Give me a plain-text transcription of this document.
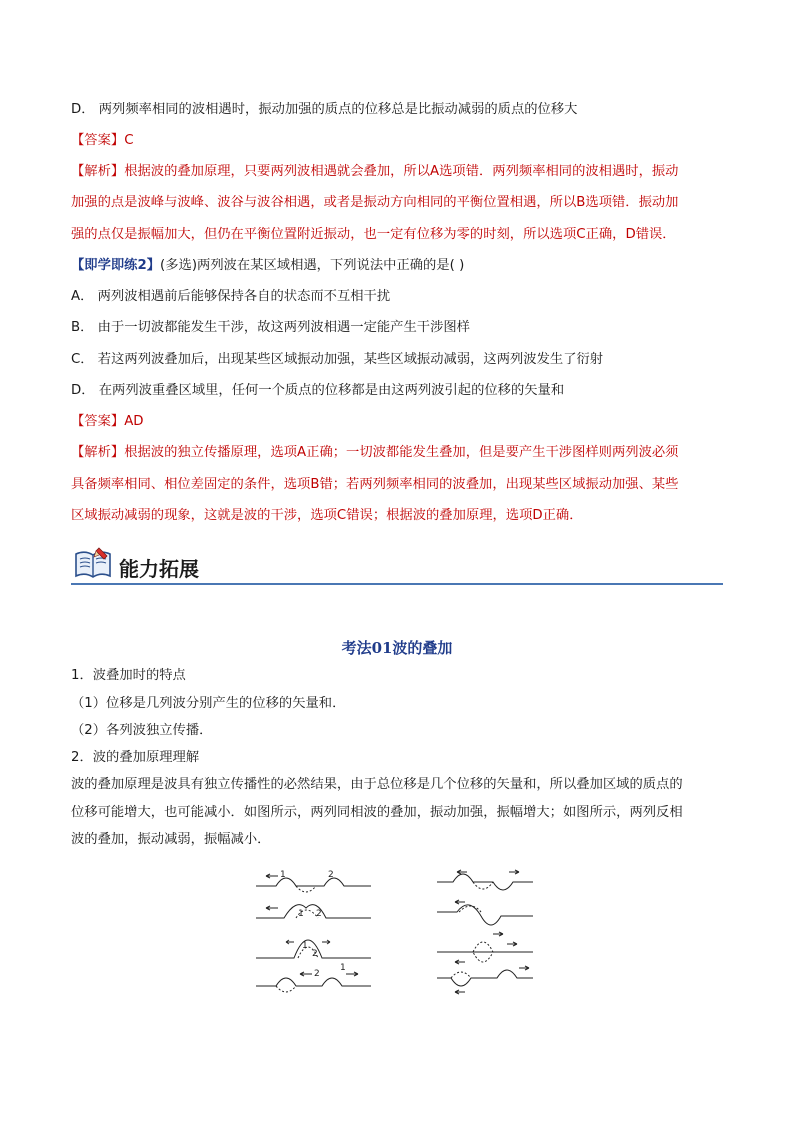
D． 两列频率相同的波相遇时，振动加强的质点的位移总是比振动减弱的质点的位移大
【答案】C
【解析】根据波的叠加原理，只要两列波相遇就会叠加，所以A选项错．两列频率相同的波相遇时，振动
加强的点是波峰与波峰、波谷与波谷相遇，或者是振动方向相同的平衡位置相遇，所以B选项错．振动加
强的点仅是振幅加大，但仍在平衡位置附近振动，也一定有位移为零的时刻，所以选项C正确，D错误．
【即学即练2】(多选)两列波在某区域相遇，下列说法中正确的是( )
A． 两列波相遇前后能够保持各自的状态而不互相干扰
B． 由于一切波都能发生干涉，故这两列波相遇一定能产生干涉图样
C． 若这两列波叠加后，出现某些区域振动加强，某些区域振动减弱，这两列波发生了衍射
D． 在两列波重叠区域里，任何一个质点的位移都是由这两列波引起的位移的矢量和
【答案】AD
【解析】根据波的独立传播原理，选项A正确；一切波都能发生叠加，但是要产生干涉图样则两列波必须
具备频率相同、相位差固定的条件，选项B错；若两列频率相同的波叠加，出现某些区域振动加强、某些
区域振动减弱的现象，这就是波的干涉，选项C错误；根据波的叠加原理，选项D正确．
能力拓展
考法01波的叠加
1．波叠加时的特点
（1）位移是几列波分别产生的位移的矢量和．
（2）各列波独立传播．
2．波的叠加原理理解
波的叠加原理是波具有独立传播性的必然结果，由于总位移是几个位移的矢量和，所以叠加区域的质点的
位移可能增大，也可能减小．如图所示，两列同相波的叠加，振动加强，振幅增大；如图所示，两列反相
波的叠加，振动减弱，振幅减小．
1	2
1 2
1
2
2
1
